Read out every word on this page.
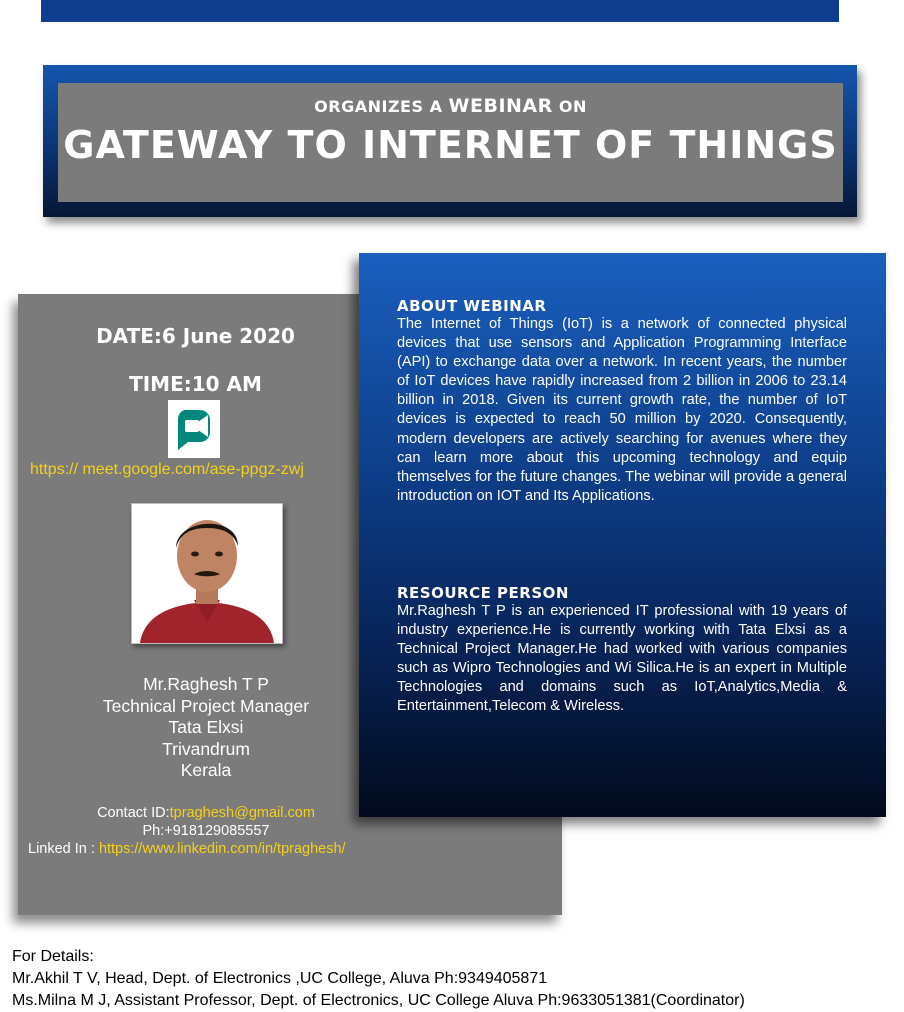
ORGANIZES A WEBINAR ON
GATEWAY TO INTERNET OF THINGS
DATE:6 June 2020
TIME:10 AM
https:// meet.google.com/ase-ppgz-zwj
Mr.Raghesh T P
Technical Project Manager
Tata Elxsi
Trivandrum
Kerala
Contact ID:tpraghesh@gmail.com
Ph:+918129085557
Linked In : https://www.linkedin.com/in/tpraghesh/
ABOUT WEBINAR
The Internet of Things (IoT) is a network of connected physical devices that use sensors and Application Programming Interface (API) to exchange data over a network. In recent years, the number of IoT devices have rapidly increased from 2 billion in 2006 to 23.14 billion in 2018. Given its current growth rate, the number of IoT devices is expected to reach 50 million by 2020. Consequently, modern developers are actively searching for avenues where they can learn more about this upcoming technology and equip themselves for the future changes. The webinar will provide a general introduction on IOT and Its Applications.
RESOURCE PERSON
Mr.Raghesh T P is an experienced IT professional with 19 years of industry experience.He is currently working with Tata Elxsi as a Technical Project Manager.He had worked with various companies such as Wipro Technologies and Wi Silica.He is an expert in Multiple Technologies and domains such as IoT,Analytics,Media & Entertainment,Telecom & Wireless.
For Details:
Mr.Akhil T V, Head, Dept. of Electronics ,UC College, Aluva Ph:9349405871
Ms.Milna M J, Assistant Professor, Dept. of Electronics, UC College Aluva Ph:9633051381(Coordinator)
